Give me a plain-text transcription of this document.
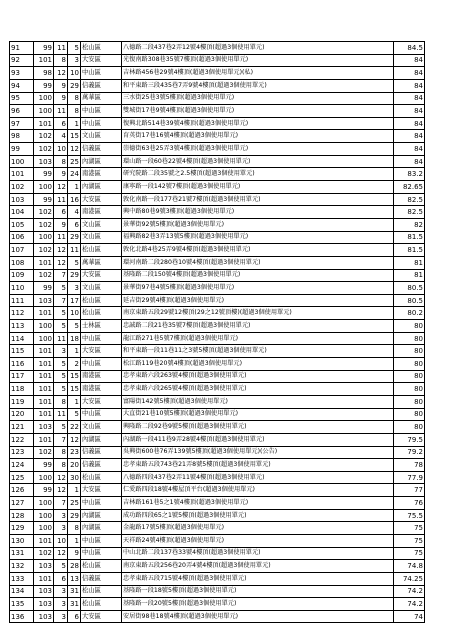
91	99	11	5	松山區	八德路二段437巷2弄12號4樓頂(超過3個使用單元)	84.5
92	101	8	3	大安區	光復南路308巷35號7樓頂(超過3個使用單元)	84
93	98	12	10	中山區	吉林路456巷29號4樓頂(超過3個使用單元)(私)	84
94	99	9	29	信義區	和平東路三段435巷7弄9號4樓頂(超過3個使用單元)	84
95	100	9	8	萬華區	三水街25巷3號5樓頂(超過3個使用單元)	84
96	100	11	8	中山區	雙城街17巷9號4樓頂(超過3個使用單元)	84
97	101	6	1	中山區	復興北路514巷39號4樓頂(超過3個使用單元)	84
98	102	4	15	文山區	育英街17巷16號4樓頂(超過3個使用單元)	84
99	102	10	12	信義區	崇德街63巷25弄3號4樓頂(超過3個使用單元)	84
100	103	8	25	內湖區	環山路一段60巷22號4樓頂(超過3個使用單元)	84
101	99	9	24	南港區	研究院路二段35號之2.5樓頂(超過3個使用單元)	83.2
102	100	12	1	內湖區	康寧路一段142號7樓頂(超過3個使用單元)	82.65
103	99	11	16	大安區	敦化南路一段177巷21號7樓頂(超過3個使用單元)	82.5
104	102	6	4	南港區	興中路80巷9號3樓頂(超過3個使用單元)	82.5
105	102	9	6	文山區	景華街92號5樓頂(超過3個使用單元)	82
106	100	11	29	文山區	福興路82巷3弄13號5樓頂(超過3個使用單元)	81.5
107	102	12	11	松山區	敦化北路4巷25弄9號4樓頂(超過3個使用單元)	81.5
108	101	12	5	萬華區	環河南路二段280巷10號4樓頂(超過3個使用單元)	81
109	102	7	29	大安區	基隆路二段150號4樓頂(超過3個使用單元)	81
110	99	5	3	文山區	景華街97巷4號5樓頂(超過3個使用單元)	80.5
111	103	7	17	松山區	延吉街29號4樓頂(超過3個使用單元)	80.5
112	101	5	10	松山區	南京東路五段29號12樓頂(29之12號頂樓)(超過3個使用單元)	80.2
113	100	5	5	士林區	忠誠路二段21巷35號7樓頂(超過3個使用單元)	80
114	100	11	18	中山區	龍江路271巷5號7樓頂(超過3個使用單元)	80
115	101	3	1	大安區	和平東路一段11巷11之3號5樓頂(超過3個使用單元)	80
116	101	5	2	中山區	松江路119巷20號4樓頂(超過3個使用單元)	80
117	101	5	15	南港區	忠孝東路六段263號4樓頂(超過3個使用單元)	80
118	101	5	15	南港區	忠孝東路六段265號4樓頂(超過3個使用單元)	80
119	101	8	1	大安區	富陽街142號5樓頂(超過3個使用單元)	80
120	101	11	5	中山區	大直街21巷10號5樓頂(超過3個使用單元)	80
121	103	5	22	文山區	興隆路二段92巷9號5樓頂(超過3個使用單元)	80
122	101	7	12	內湖區	內湖路一段411巷9弄28號4樓頂(超過3個使用單元)	79.5
123	102	8	23	信義區	吳興街600巷76弄139號5樓頂(超過3個使用單元)(公告)	79.2
124	99	8	20	信義區	忠孝東路五段743巷21弄8號5樓頂(超過3個使用單元)	78
125	100	12	30	松山區	八德路四段437巷2弄11號4樓頂(超過3個使用單元)	77.9
126	99	12	1	大安區	仁愛路四段18號4樓屋頂平台(超過3個使用單元)	77
127	100	7	25	中山區	吉林路161巷5之1號4樓頂(超過3個使用單元)	76
128	100	3	29	內湖區	成功路四段65之1號5樓頂(超過3個使用單元)	75.5
129	100	3	8	內湖區	金龍路17號5樓頂(超過3個使用單元)	75
130	101	10	1	中山區	天祥路24號4樓頂(超過3個使用單元)	75
131	102	12	9	中山區	中山北路二段137巷33號4樓頂(超過3個使用單元)	75
132	103	5	28	松山區	南京東路五段256巷20弄4號4樓頂(超過3個使用單元)	74.8
133	101	6	13	信義區	忠孝東路五段715號4樓頂(超過3個使用單元)	74.25
134	103	3	31	松山區	基隆路一段18號5樓頂(超過3個使用單元)	74.2
135	103	3	31	松山區	基隆路一段20號5樓頂(超過3個使用單元)	74.2
136	103	3	6	大安區	安居街98巷18號4樓頂(超過3個使用單元)	74
